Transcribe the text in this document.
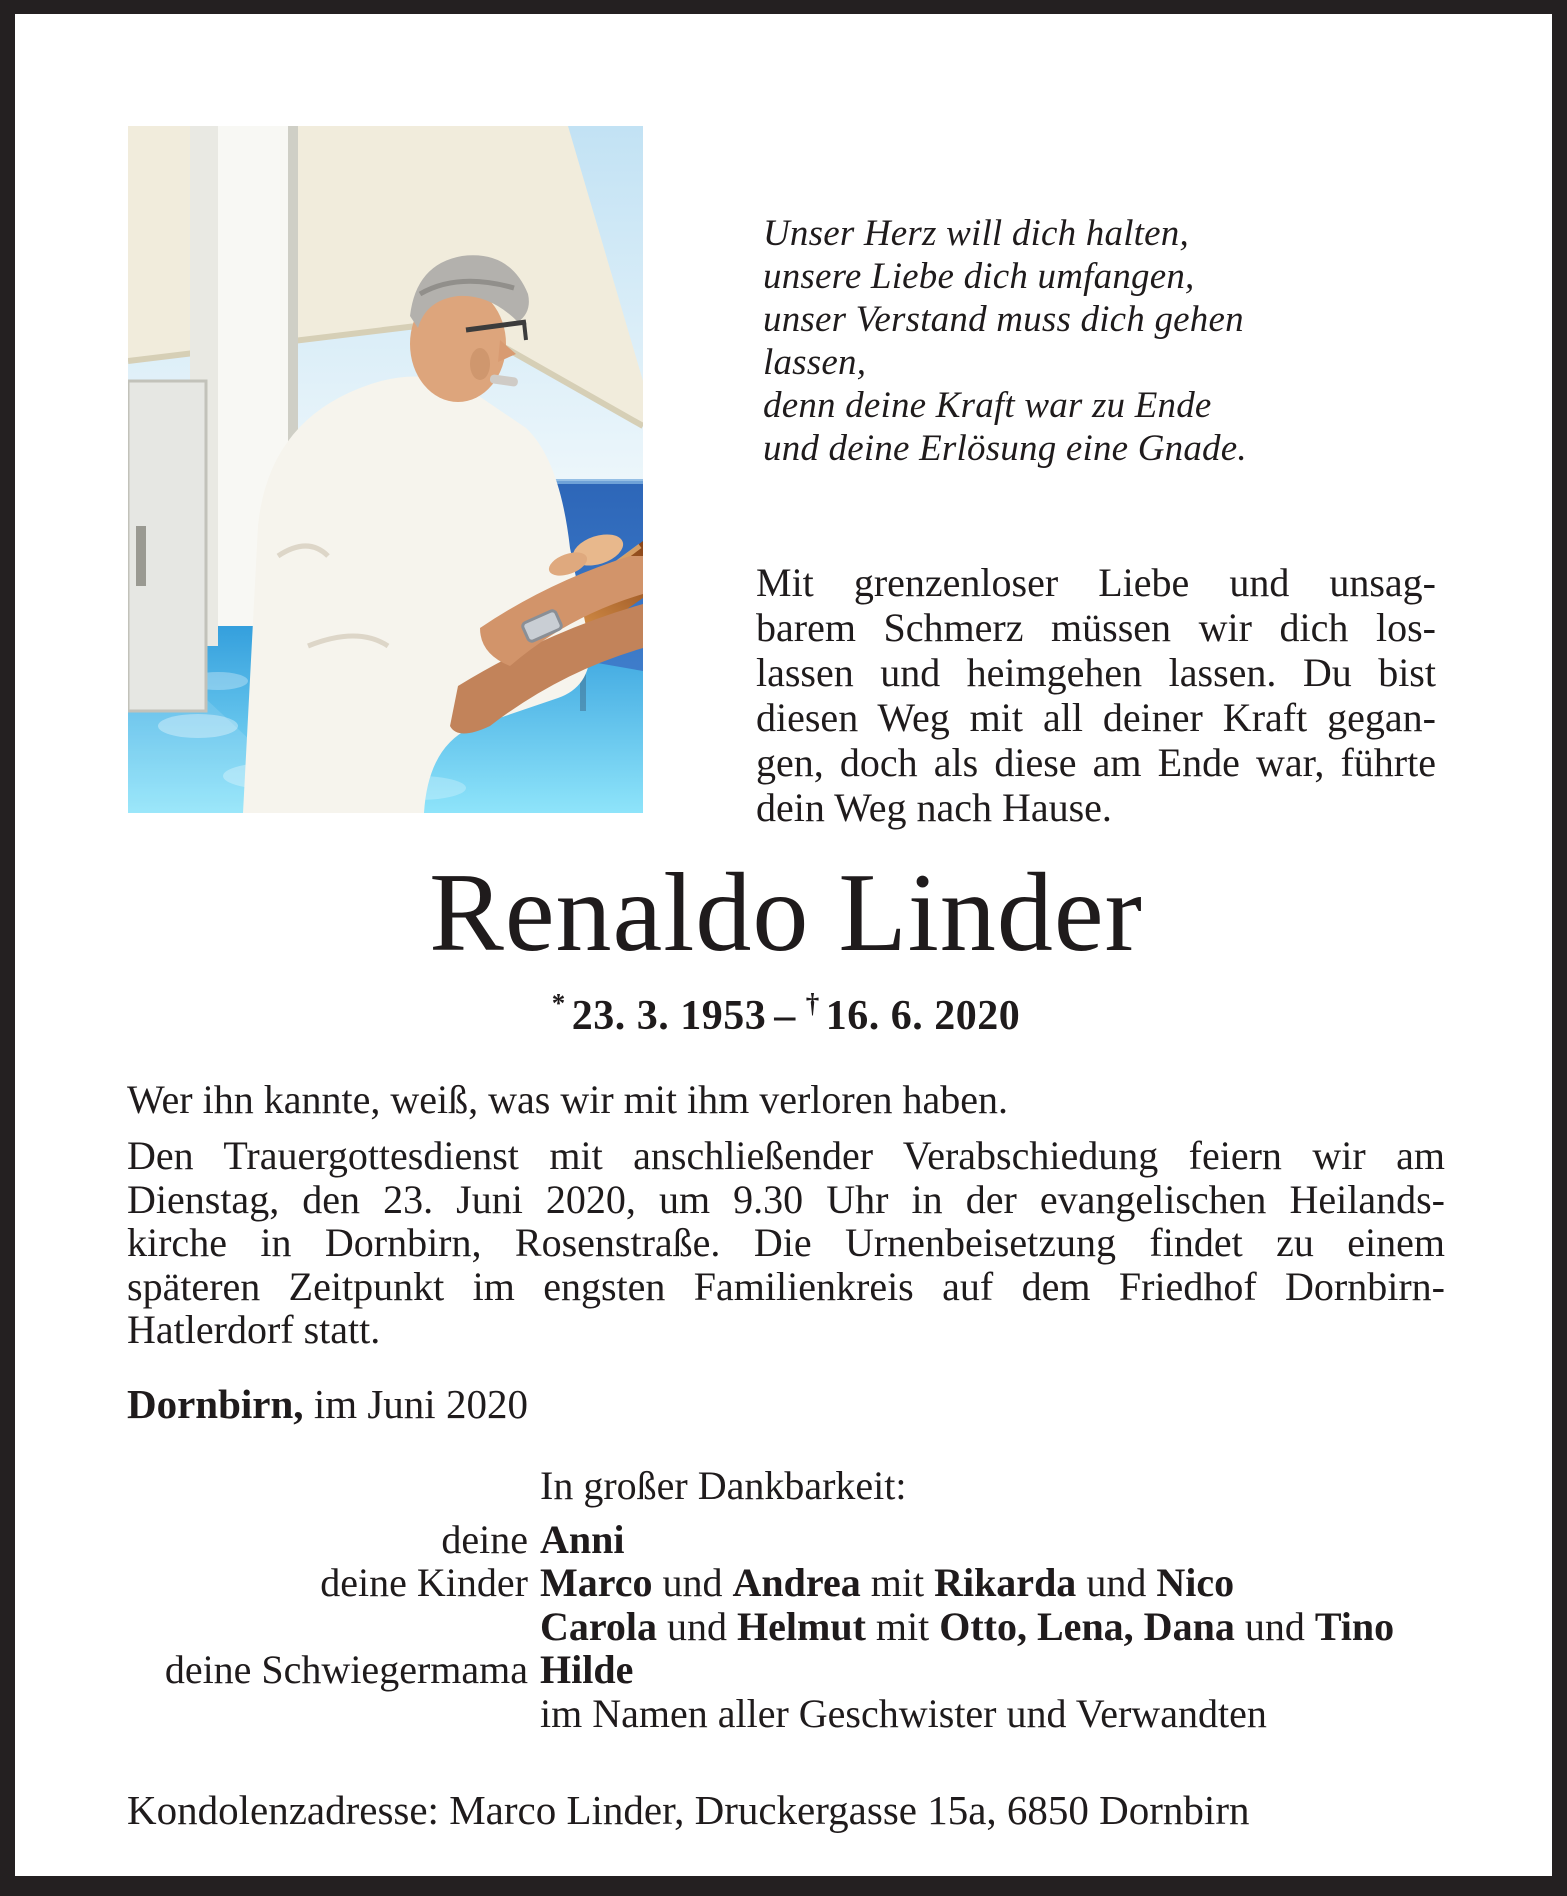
Unser Herz will dich halten,
unsere Liebe dich umfangen,
unser Verstand muss dich gehen lassen,
denn deine Kraft war zu Ende
und deine Erlösung eine Gnade.
Mit grenzenloser Liebe und unsag-
barem Schmerz müssen wir dich los-
lassen und heimgehen lassen. Du bist
diesen Weg mit all deiner Kraft gegan-
gen, doch als diese am Ende war, führte
dein Weg nach Hause.
Renaldo Linder
* 23. 3. 1953 – † 16. 6. 2020
Wer ihn kannte, weiß, was wir mit ihm verloren haben.
Den Trauergottesdienst mit anschließender Verabschiedung feiern wir am
Dienstag, den 23. Juni 2020, um 9.30 Uhr in der evangelischen Heilands-
kirche in Dornbirn, Rosenstraße. Die Urnenbeisetzung findet zu einem
späteren Zeitpunkt im engsten Familienkreis auf dem Friedhof Dornbirn-
Hatlerdorf statt.
Dornbirn, im Juni 2020
In großer Dankbarkeit:
deine Anni
deine Kinder Marco und Andrea mit Rikarda und Nico
Carola und Helmut mit Otto, Lena, Dana und Tino
deine Schwiegermama Hilde
im Namen aller Geschwister und Verwandten
Kondolenzadresse: Marco Linder, Druckergasse 15a, 6850 Dornbirn
